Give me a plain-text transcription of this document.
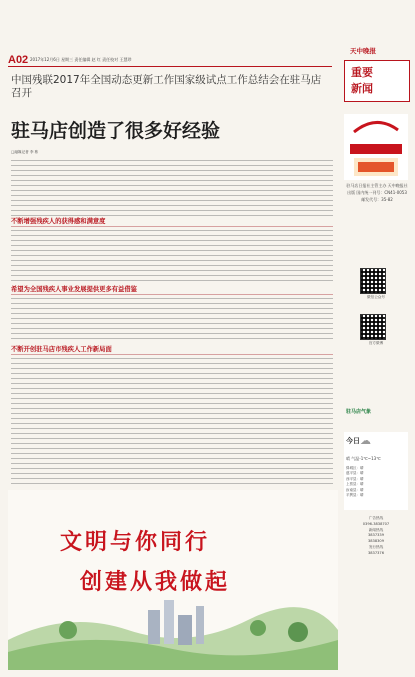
A02 2017年12月6日 星期三 责任编辑 赵 红 责任校对 王慧珍
中国残联2017年全国动态更新工作国家级试点工作总结会在驻马店召开
驻马店创造了很多好经验
□融媒记者 李 栋
不断增强残疾人的获得感和满意度
希望为全国残疾人事业发展提供更多有益借鉴
不断开创驻马店市残疾人工作新局面
文明与你同行
创建从我做起
天中晚报
重要
新闻
驻马店日报社主管主办 天中晚报社出版 国内统一刊号：CN41-0053 邮发代号：35-82
微信公众号
官方微博
驻马店气象
今日 ☁
晴 气温-1℃~13℃
驿城区：晴
遂平县：晴
西平县：晴
上蔡县：晴
汝南县：晴
平舆县：晴
广告热线
0396-3838707
新闻热线
3837339
3838309
发行热线
3837376
